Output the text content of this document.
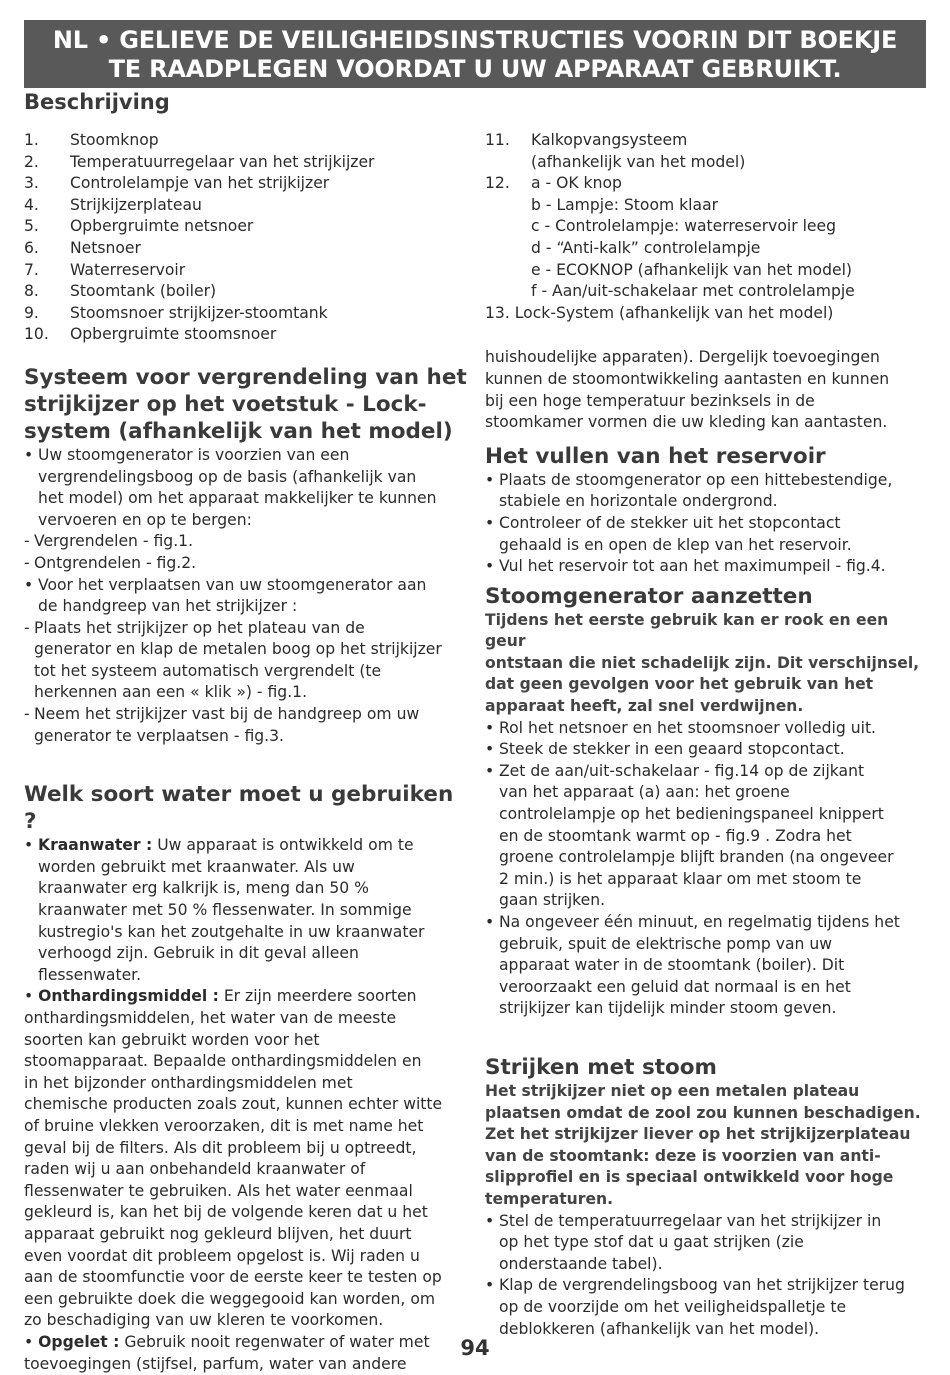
NL • GELIEVE DE VEILIGHEIDSINSTRUCTIES VOORIN DIT BOEKJE
TE RAADPLEGEN VOORDAT U UW APPARAAT GEBRUIKT.
Beschrijving
1.	Stoomknop
2.	Temperatuurregelaar van het strijkijzer
3.	Controlelampje van het strijkijzer
4.	Strijkijzerplateau
5.	Opbergruimte netsnoer
6.	Netsnoer
7.	Waterreservoir
8.	Stoomtank (boiler)
9.	Stoomsnoer strijkijzer-stoomtank
10.	Opbergruimte stoomsnoer
Systeem voor vergrendeling van het
strijkijzer op het voetstuk - Lock-
system (afhankelijk van het model)
• Uw stoomgenerator is voorzien van een
vergrendelingsboog op de basis (afhankelijk van
het model) om het apparaat makkelijker te kunnen
vervoeren en op te bergen:
- Vergrendelen - fig.1.
- Ontgrendelen - fig.2.
• Voor het verplaatsen van uw stoomgenerator aan
de handgreep van het strijkijzer :
- Plaats het strijkijzer op het plateau van de
generator en klap de metalen boog op het strijkijzer
tot het systeem automatisch vergrendelt (te
herkennen aan een « klik ») - fig.1.
- Neem het strijkijzer vast bij de handgreep om uw
generator te verplaatsen - fig.3.
Welk soort water moet u gebruiken ?
• Kraanwater : Uw apparaat is ontwikkeld om te
worden gebruikt met kraanwater. Als uw
kraanwater erg kalkrijk is, meng dan 50 %
kraanwater met 50 % flessenwater. In sommige
kustregio's kan het zoutgehalte in uw kraanwater
verhoogd zijn. Gebruik in dit geval alleen
flessenwater.
• Onthardingsmiddel : Er zijn meerdere soorten
onthardingsmiddelen, het water van de meeste
soorten kan gebruikt worden voor het
stoomapparaat. Bepaalde onthardingsmiddelen en
in het bijzonder onthardingsmiddelen met
chemische producten zoals zout, kunnen echter witte
of bruine vlekken veroorzaken, dit is met name het
geval bij de filters. Als dit probleem bij u optreedt,
raden wij u aan onbehandeld kraanwater of
flessenwater te gebruiken. Als het water eenmaal
gekleurd is, kan het bij de volgende keren dat u het
apparaat gebruikt nog gekleurd blijven, het duurt
even voordat dit probleem opgelost is. Wij raden u
aan de stoomfunctie voor de eerste keer te testen op
een gebruikte doek die weggegooid kan worden, om
zo beschadiging van uw kleren te voorkomen.
• Opgelet : Gebruik nooit regenwater of water met
toevoegingen (stijfsel, parfum, water van andere
11.	Kalkopvangsysteem
(afhankelijk van het model)
12.	a - OK knop
b - Lampje: Stoom klaar
c - Controlelampje: waterreservoir leeg
d - “Anti-kalk” controlelampje
e - ECOKNOP (afhankelijk van het model)
f - Aan/uit-schakelaar met controlelampje
13. Lock-System (afhankelijk van het model)
huishoudelijke apparaten). Dergelijk toevoegingen
kunnen de stoomontwikkeling aantasten en kunnen
bij een hoge temperatuur bezinksels in de
stoomkamer vormen die uw kleding kan aantasten.
Het vullen van het reservoir
• Plaats de stoomgenerator op een hittebestendige,
stabiele en horizontale ondergrond.
• Controleer of de stekker uit het stopcontact
gehaald is en open de klep van het reservoir.
• Vul het reservoir tot aan het maximumpeil - fig.4.
Stoomgenerator aanzetten
Tijdens het eerste gebruik kan er rook en een geur
ontstaan die niet schadelijk zijn. Dit verschijnsel,
dat geen gevolgen voor het gebruik van het
apparaat heeft, zal snel verdwijnen.
• Rol het netsnoer en het stoomsnoer volledig uit.
• Steek de stekker in een geaard stopcontact.
• Zet de aan/uit-schakelaar - fig.14 op de zijkant
van het apparaat (a) aan: het groene
controlelampje op het bedieningspaneel knippert
en de stoomtank warmt op - fig.9 . Zodra het
groene controlelampje blijft branden (na ongeveer
2 min.) is het apparaat klaar om met stoom te
gaan strijken.
• Na ongeveer één minuut, en regelmatig tijdens het
gebruik, spuit de elektrische pomp van uw
apparaat water in de stoomtank (boiler). Dit
veroorzaakt een geluid dat normaal is en het
strijkijzer kan tijdelijk minder stoom geven.
Strijken met stoom
Het strijkijzer niet op een metalen plateau
plaatsen omdat de zool zou kunnen beschadigen.
Zet het strijkijzer liever op het strijkijzerplateau
van de stoomtank: deze is voorzien van anti-
slipprofiel en is speciaal ontwikkeld voor hoge
temperaturen.
• Stel de temperatuurregelaar van het strijkijzer in
op het type stof dat u gaat strijken (zie
onderstaande tabel).
• Klap de vergrendelingsboog van het strijkijzer terug
op de voorzijde om het veiligheidspalletje te
deblokkeren (afhankelijk van het model).
94
